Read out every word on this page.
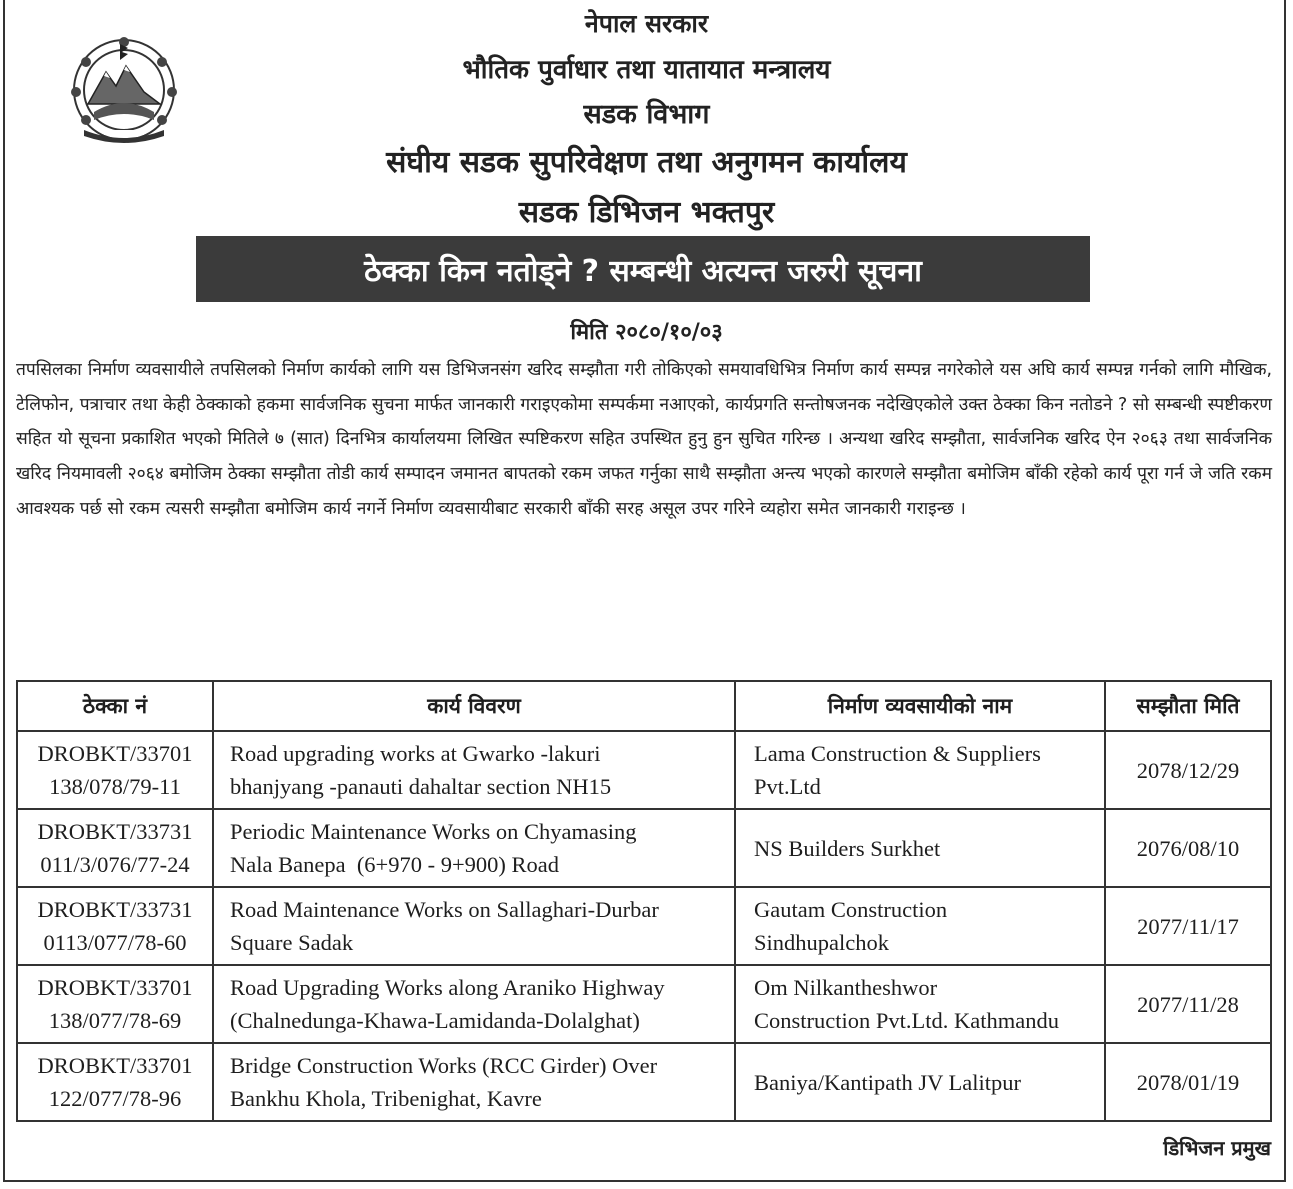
नेपाल सरकार
भौतिक पुर्वाधार तथा यातायात मन्त्रालय
सडक विभाग
संघीय सडक सुपरिवेक्षण तथा अनुगमन कार्यालय
सडक डिभिजन भक्तपुर
ठेक्का किन नतोड्ने ? सम्बन्धी अत्यन्त जरुरी सूचना
मिति २०८०/१०/०३
तपसिलका निर्माण व्यवसायीले तपसिलको निर्माण कार्यको लागि यस डिभिजनसंग खरिद सम्झौता गरी तोकिएको समयावधिभित्र निर्माण कार्य सम्पन्न नगरेकोले यस अघि कार्य सम्पन्न गर्नको लागि मौखिक, टेलिफोन, पत्राचार तथा केही ठेक्काको हकमा सार्वजनिक सुचना मार्फत जानकारी गराइएकोमा सम्पर्कमा नआएको, कार्यप्रगति सन्तोषजनक नदेखिएकोले उक्त ठेक्का किन नतोडने ? सो सम्बन्धी स्पष्टीकरण सहित यो सूचना प्रकाशित भएको मितिले ७ (सात) दिनभित्र कार्यालयमा लिखित स्पष्टिकरण सहित उपस्थित हुनु हुन सुचित गरिन्छ । अन्यथा खरिद सम्झौता, सार्वजनिक खरिद ऐन २०६३ तथा सार्वजनिक खरिद नियमावली २०६४ बमोजिम ठेक्का सम्झौता तोडी कार्य सम्पादन जमानत बापतको रकम जफत गर्नुका साथै सम्झौता अन्त्य भएको कारणले सम्झौता बमोजिम बाँकी रहेको कार्य पूरा गर्न जे जति रकम आवश्यक पर्छ सो रकम त्यसरी सम्झौता बमोजिम कार्य नगर्ने निर्माण व्यवसायीबाट सरकारी बाँकी सरह असूल उपर गरिने व्यहोरा समेत जानकारी गराइन्छ ।
ठेक्का नं	कार्य विवरण	निर्माण व्यवसायीको नाम	सम्झौता मिति

DROBKT/33701
138/078/79-11	Road upgrading works at Gwarko -lakuri
bhanjyang -panauti dahaltar section NH15	Lama Construction & Suppliers
Pvt.Ltd	2078/12/29

DROBKT/33731
011/3/076/77-24	Periodic Maintenance Works on Chyamasing
Nala Banepa  (6+970 - 9+900) Road	NS Builders Surkhet	2076/08/10

DROBKT/33731
0113/077/78-60	Road Maintenance Works on Sallaghari-Durbar
Square Sadak	Gautam Construction
Sindhupalchok	2077/11/17

DROBKT/33701
138/077/78-69	Road Upgrading Works along Araniko Highway
(Chalnedunga-Khawa-Lamidanda-Dolalghat)	Om Nilkantheshwor
Construction Pvt.Ltd. Kathmandu	2077/11/28

DROBKT/33701
122/077/78-96	Bridge Construction Works (RCC Girder) Over
Bankhu Khola, Tribenighat, Kavre	Baniya/Kantipath JV Lalitpur	2078/01/19
डिभिजन प्रमुख
